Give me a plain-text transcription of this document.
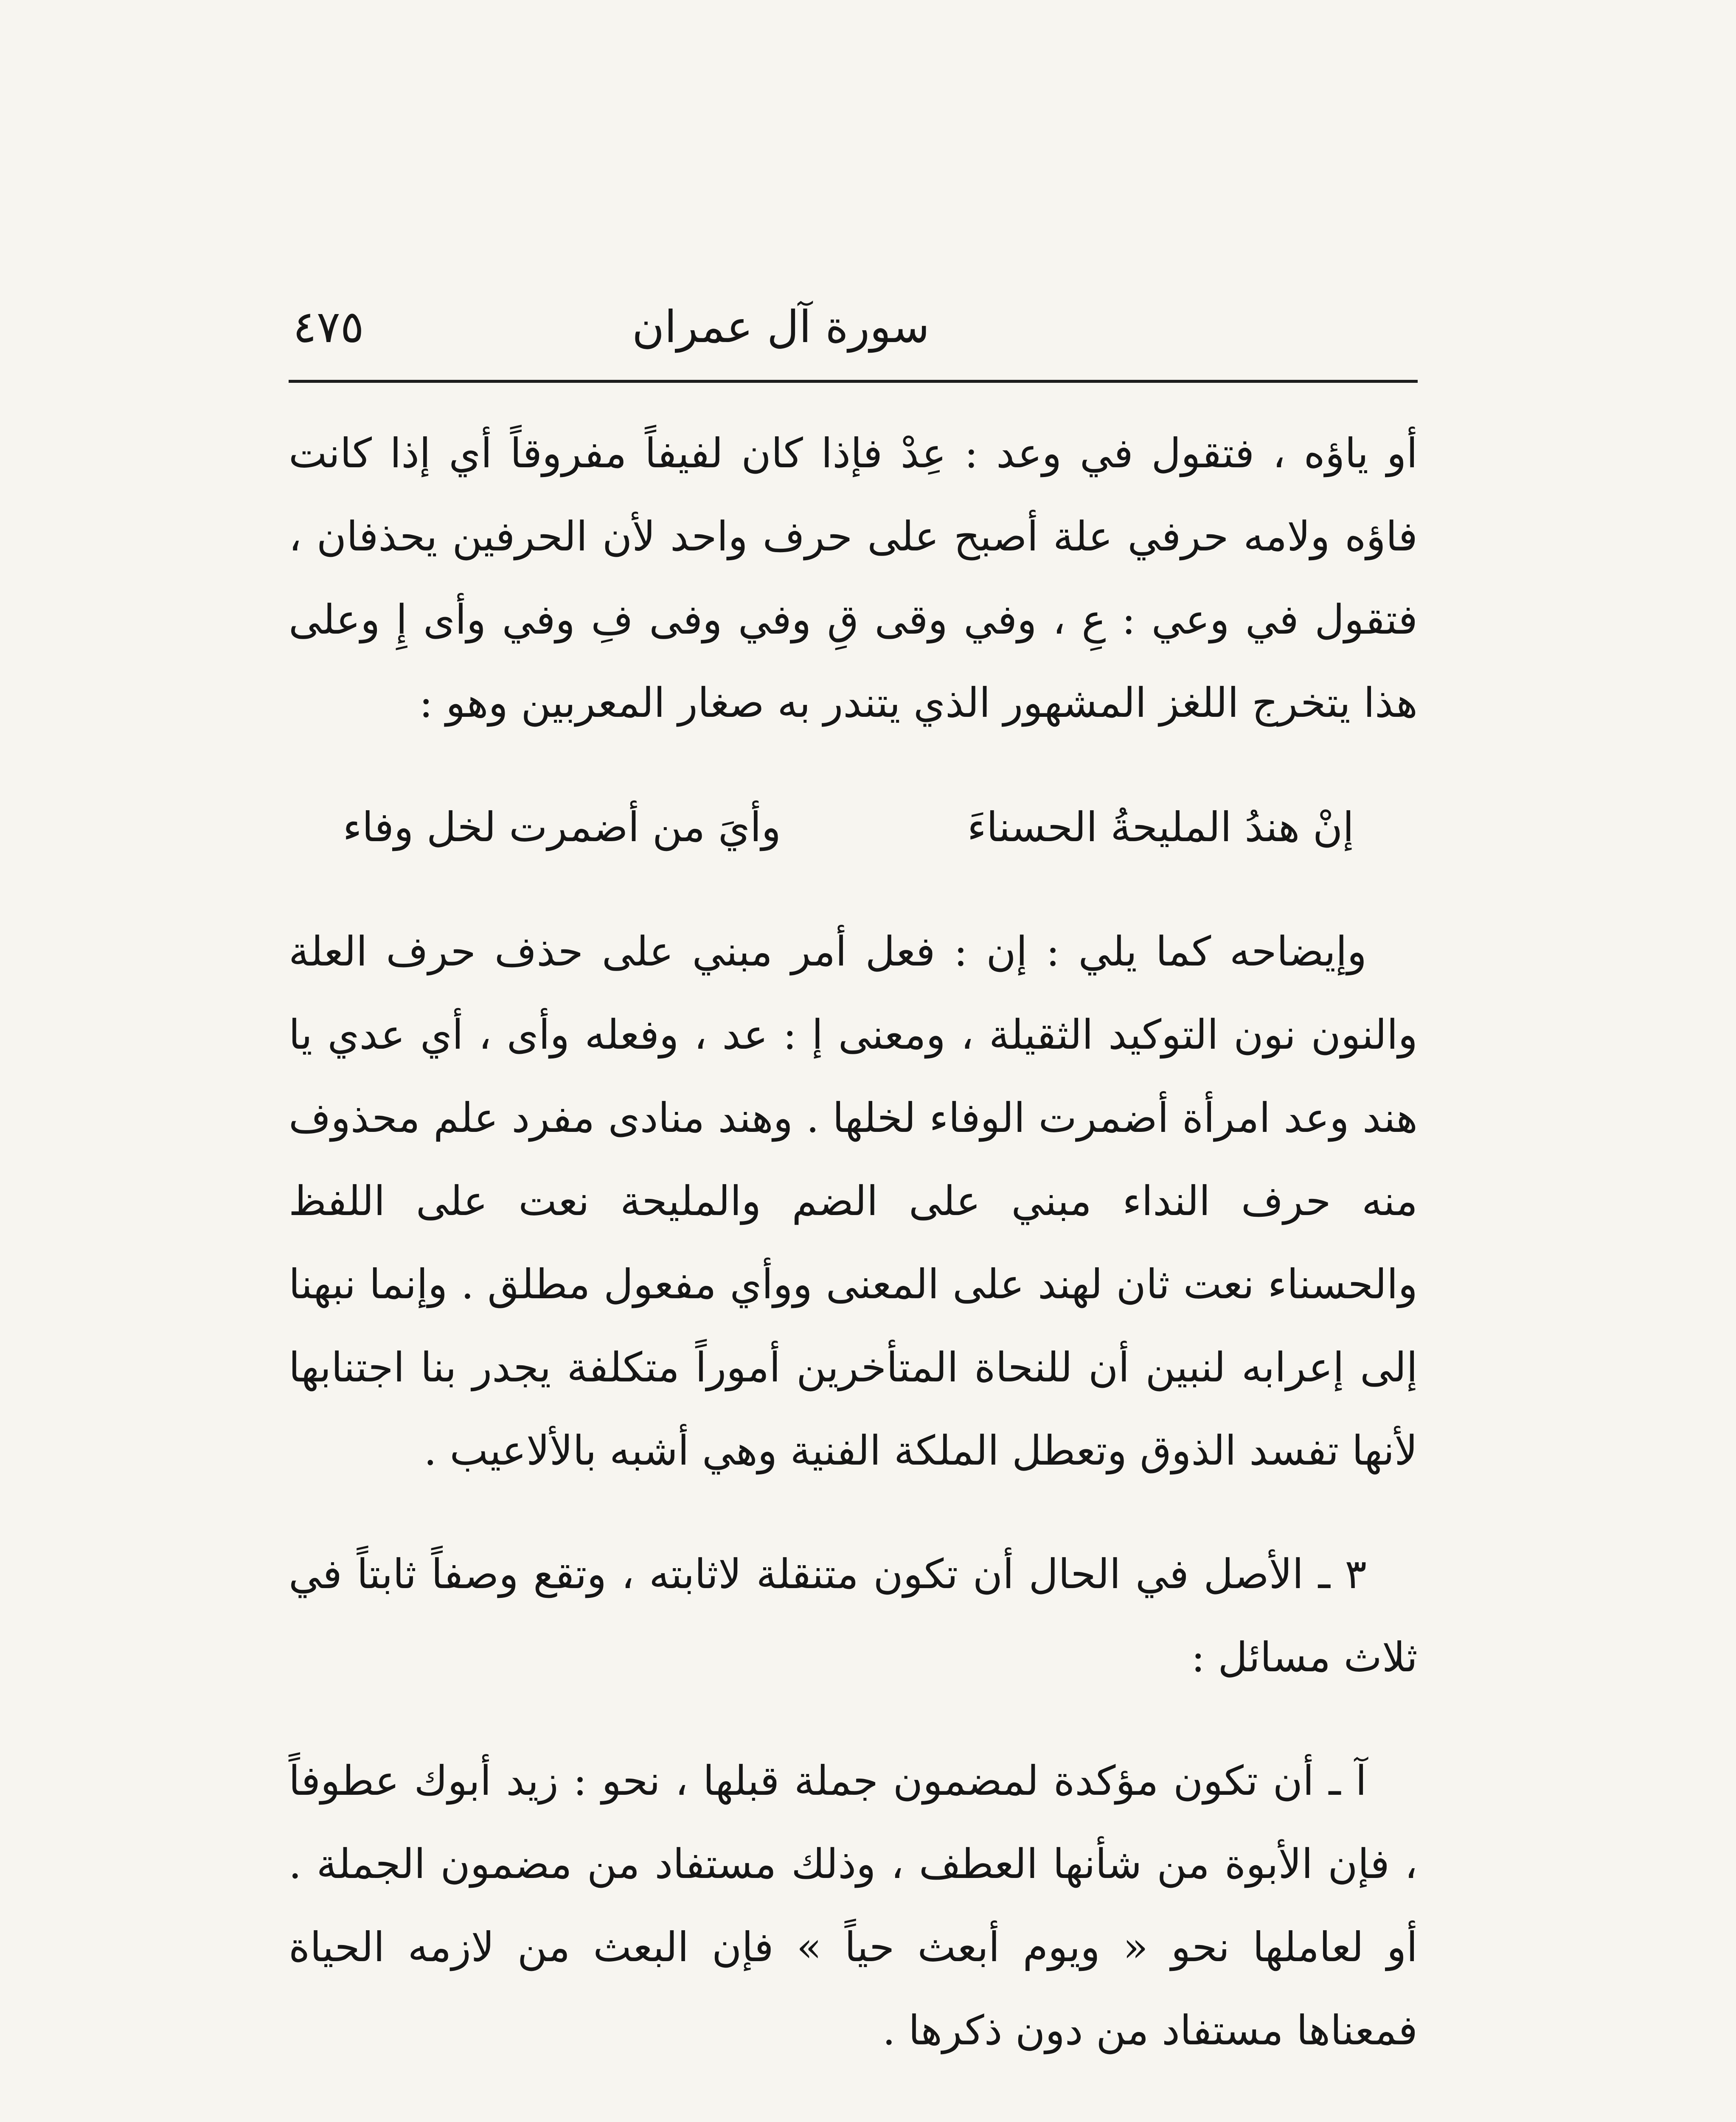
سورة آل عمران
٤٧٥

أو ياؤه ، فتقول في وعد : عِدْ فإذا كان لفيفاً مفروقاً أي إذا كانت فاؤه ولامه حرفي علة أصبح على حرف واحد لأن الحرفين يحذفان ، فتقول في وعي : عِ ، وفي وقى قِ وفي وفى فِ وفي وأى إِ وعلى هذا يتخرج اللغز المشهور الذي يتندر به صغار المعربين وهو :

إنْ هندُ المليحةُ الحسناءَ
وأيَ من أضمرت لخل وفاء

وإيضاحه كما يلي : إن : فعل أمر مبني على حذف حرف العلة والنون نون التوكيد الثقيلة ، ومعنى إ : عد ، وفعله وأى ، أي عدي يا هند وعد امرأة أضمرت الوفاء لخلها . وهند منادى مفرد علم محذوف منه حرف النداء مبني على الضم والمليحة نعت على اللفظ والحسناء نعت ثان لهند على المعنى ووأي مفعول مطلق . وإنما نبهنا إلى إعرابه لنبين أن للنحاة المتأخرين أموراً متكلفة يجدر بنا اجتنابها لأنها تفسد الذوق وتعطل الملكة الفنية وهي أشبه بالألاعيب .

٣ ـ الأصل في الحال أن تكون متنقلة لاثابته ، وتقع وصفاً ثابتاً في ثلاث مسائل :

آ ـ أن تكون مؤكدة لمضمون جملة قبلها ، نحو : زيد أبوك عطوفاً ، فإن الأبوة من شأنها العطف ، وذلك مستفاد من مضمون الجملة . أو لعاملها نحو « ويوم أبعث حياً » فإن البعث من لازمه الحياة فمعناها مستفاد من دون ذكرها .
